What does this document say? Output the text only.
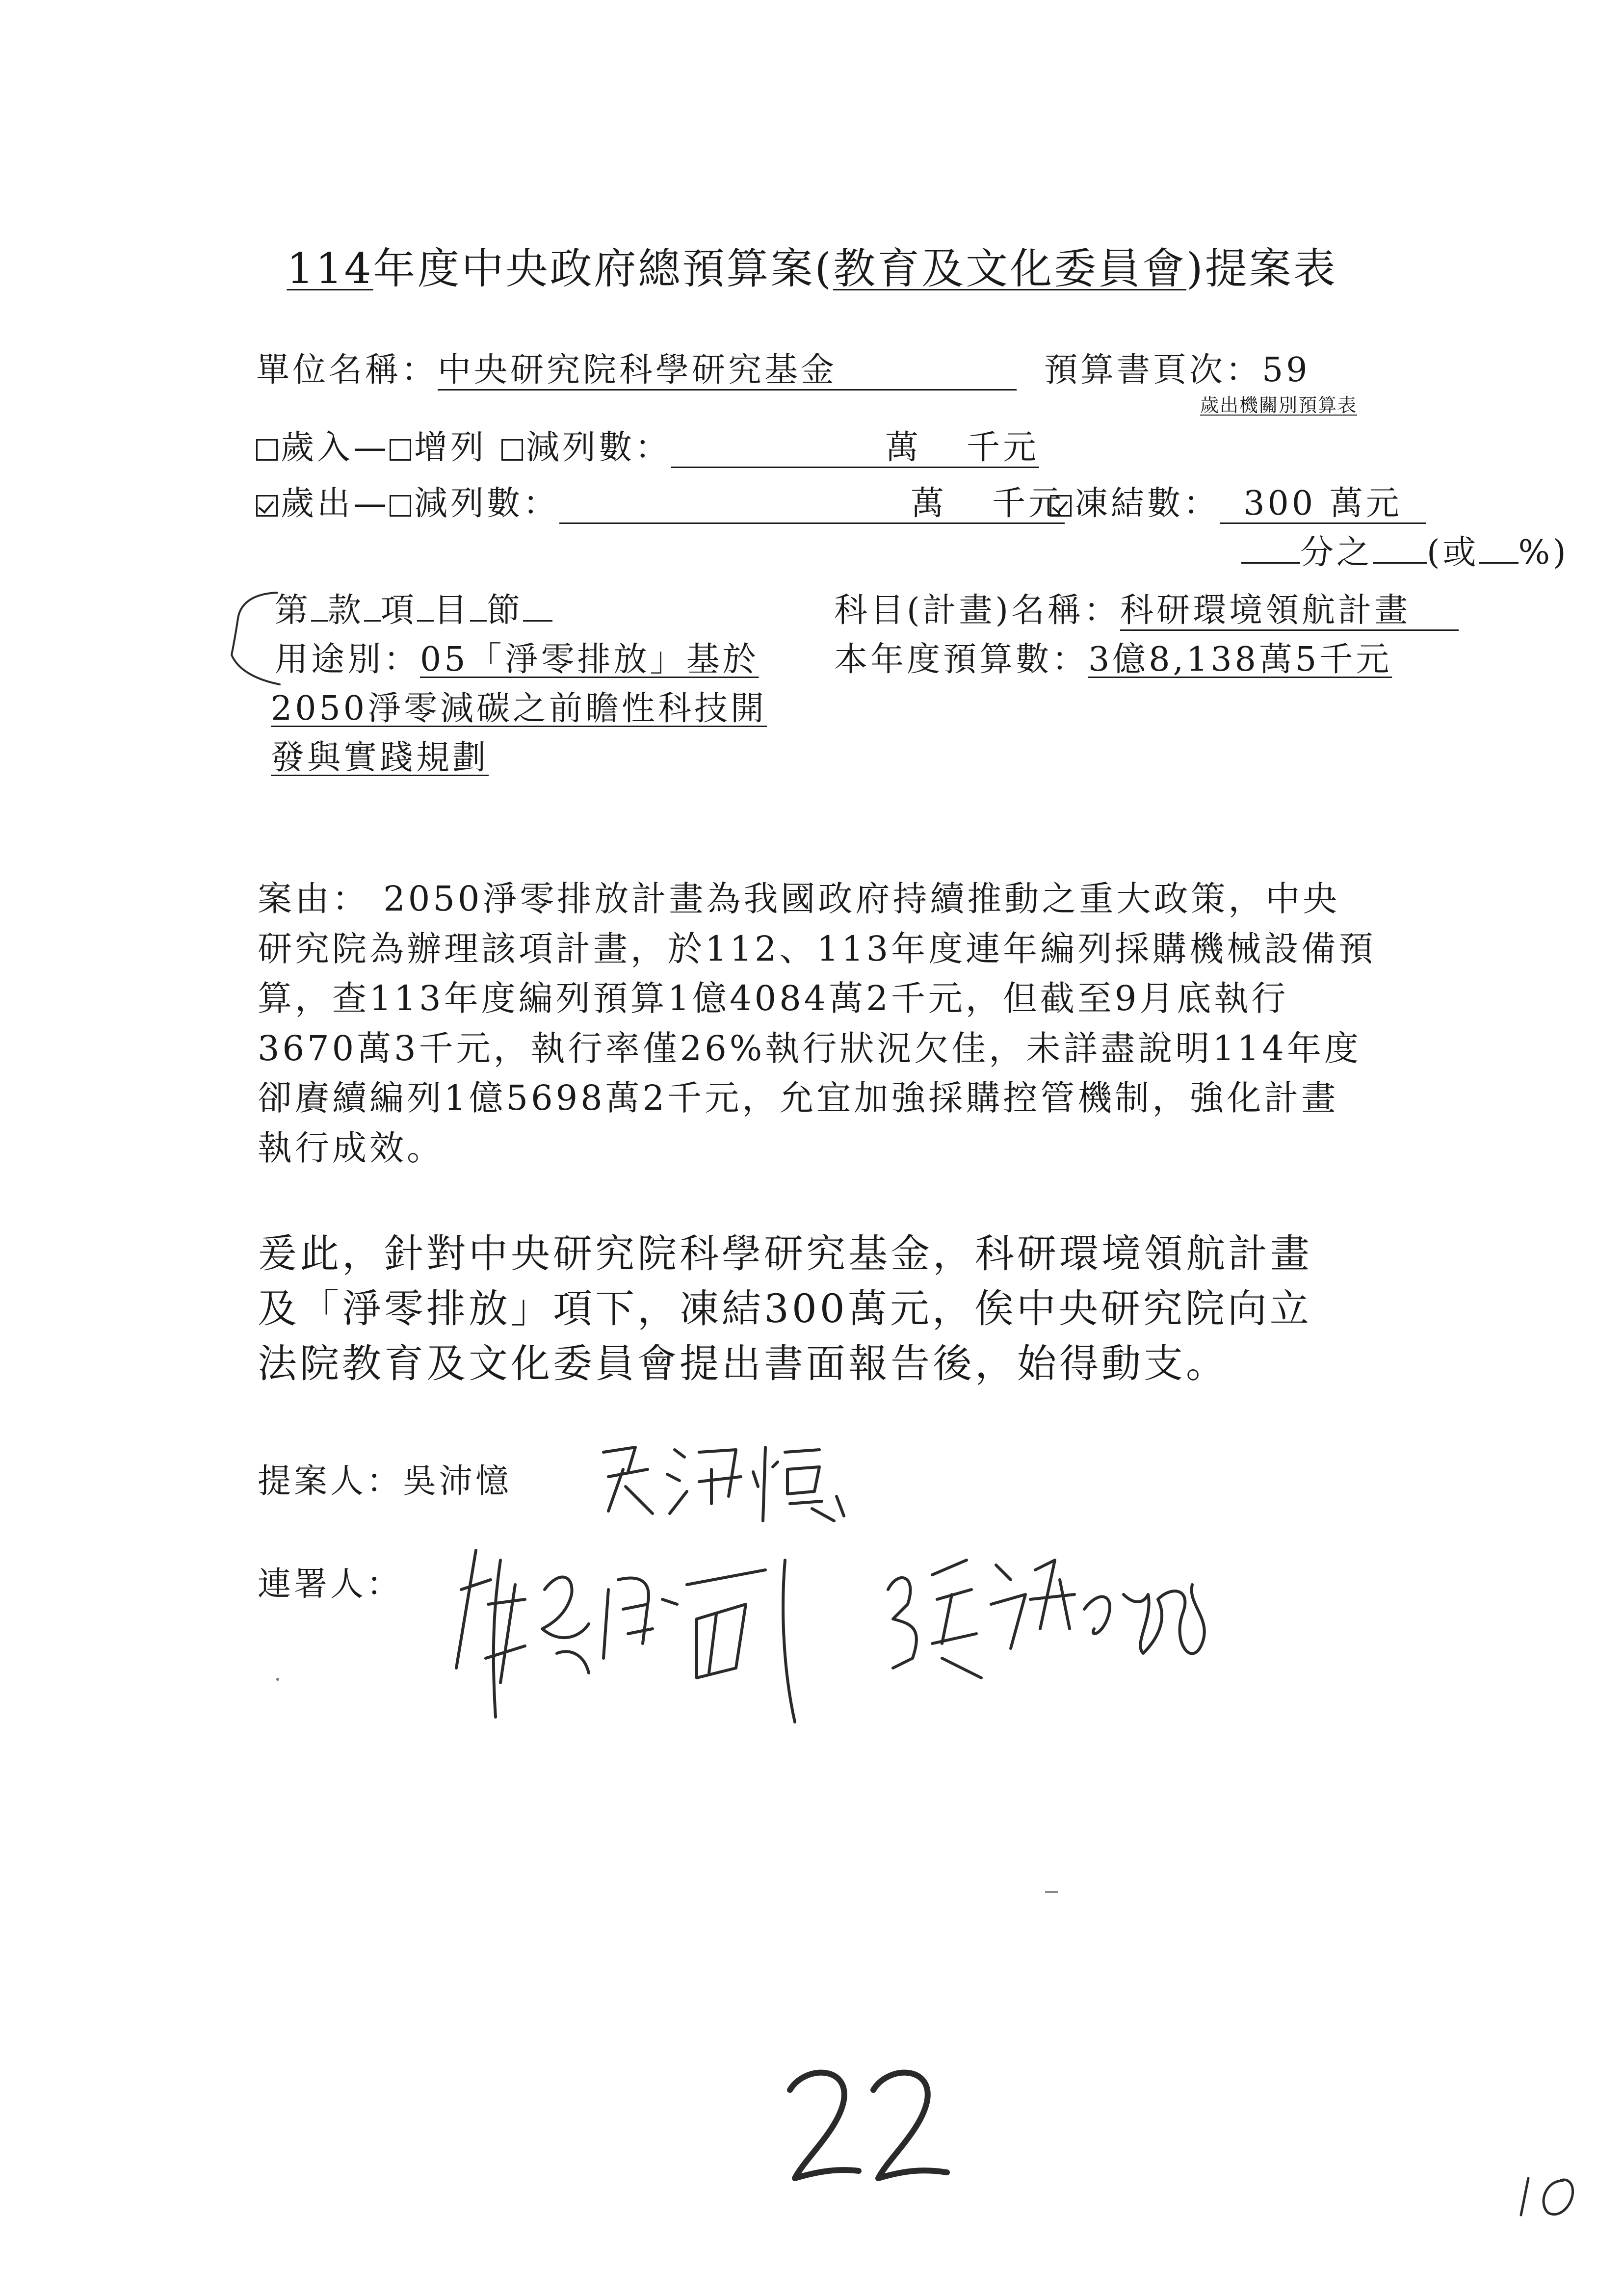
114年度中央政府總預算案(教育及文化委員會)提案表
單位名稱：中央研究院科學研究基金	預算書頁次：59
歲出機關別預算表
歲入— 增列 減列數：	萬 千元
歲出— 減列數：	萬 千元 凍結數： 300 萬元
分之 (或 %)
第 款 項 目 節	科目(計畫)名稱：科研環境領航計畫
用途別：05「淨零排放」基於
2050淨零減碳之前瞻性科技開
發與實踐規劃
本年度預算數：3億8,138萬5千元
案由： 2050淨零排放計畫為我國政府持續推動之重大政策，中央
研究院為辦理該項計畫，於112、113年度連年編列採購機械設備預
算，查113年度編列預算1億4084萬2千元，但截至9月底執行
3670萬3千元，執行率僅26%執行狀況欠佳，未詳盡說明114年度
卻賡續編列1億5698萬2千元，允宜加強採購控管機制，強化計畫
執行成效。
爰此，針對中央研究院科學研究基金，科研環境領航計畫
及「淨零排放」項下，凍結300萬元，俟中央研究院向立
法院教育及文化委員會提出書面報告後，始得動支。
提案人：吳沛憶
連署人：
